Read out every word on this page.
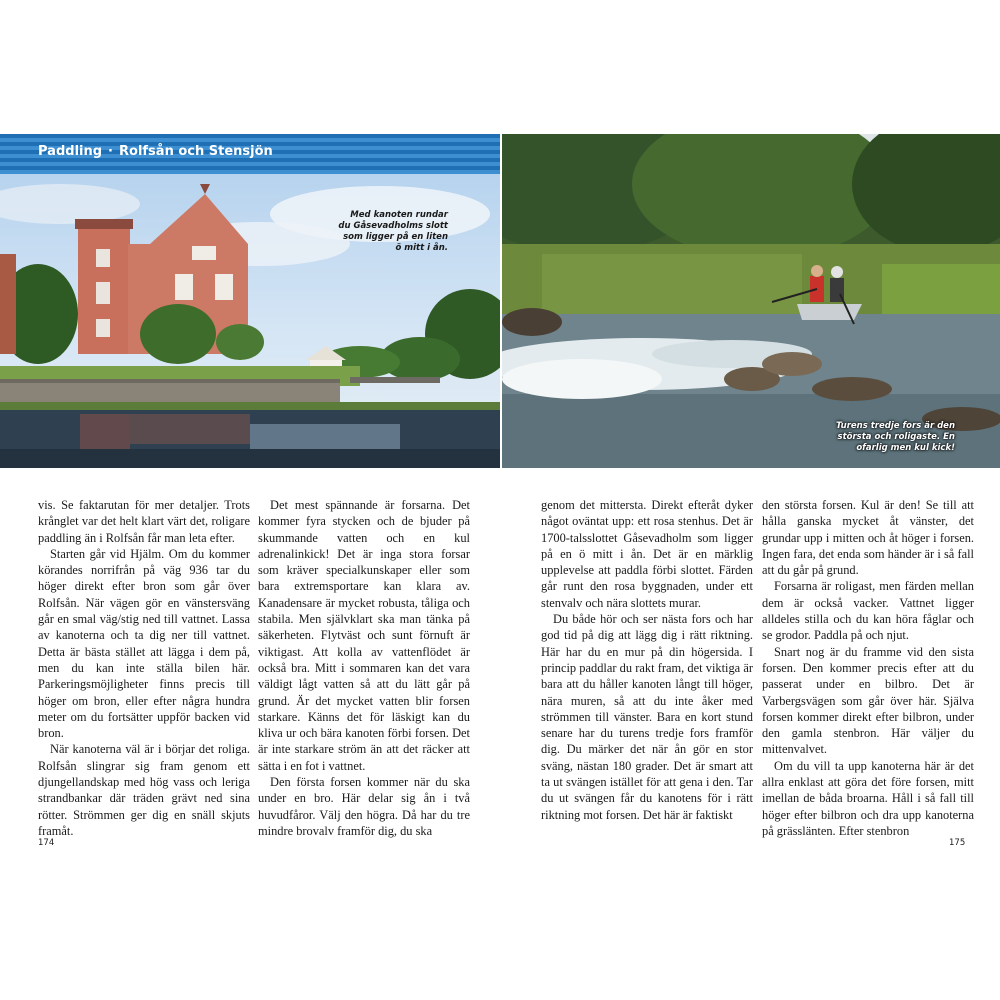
Paddling · Rolfsån och Stensjön
Med kanoten rundar du Gåsevadholms slott som ligger på en liten ö mitt i ån.
Turens tredje fors är den största och roligaste. En ofarlig men kul kick!

vis. Se faktarutan för mer detaljer. Trots krånglet var det helt klart värt det, roligare paddling än i Rolfsån får man leta efter.

Starten går vid Hjälm. Om du kommer körandes norrifrån på väg 936 tar du höger direkt efter bron som går över Rolfsån. När vägen gör en vänstersväng går en smal väg/stig ned till vattnet. Lassa av kanoterna och ta dig ner till vattnet. Detta är bästa stället att lägga i dem på, men du kan inte ställa bilen här. Parkeringsmöjligheter finns precis till höger om bron, eller efter några hundra meter om du fortsätter uppför backen vid bron.

När kanoterna väl är i börjar det roliga. Rolfsån slingrar sig fram genom ett djungellandskap med hög vass och leriga strandbankar där träden grävt ned sina rötter. Strömmen ger dig en snäll skjuts framåt.

Det mest spännande är forsarna. Det kommer fyra stycken och de bjuder på skummande vatten och en kul adrenalinkick! Det är inga stora forsar som kräver specialkunskaper eller som bara extremsportare kan klara av. Kanadensare är mycket robusta, tåliga och stabila. Men självklart ska man tänka på säkerheten. Flytväst och sunt förnuft är viktigast. Att kolla av vattenflödet är också bra. Mitt i sommaren kan det vara väldigt lågt vatten så att du lätt går på grund. Är det mycket vatten blir forsen starkare. Känns det för läskigt kan du kliva ur och bära kanoten förbi forsen. Det är inte starkare ström än att det räcker att sätta i en fot i vattnet.

Den första forsen kommer när du ska under en bro. Här delar sig ån i två huvudfåror. Välj den högra. Då har du tre mindre brovalv framför dig, du ska

genom det mittersta. Direkt efteråt dyker något oväntat upp: ett rosa stenhus. Det är 1700-talsslottet Gåsevadholm som ligger på en ö mitt i ån. Det är en märklig upplevelse att paddla förbi slottet. Färden går runt den rosa byggnaden, under ett stenvalv och nära slottets murar.

Du både hör och ser nästa fors och har god tid på dig att lägg dig i rätt riktning. Här har du en mur på din högersida. I princip paddlar du rakt fram, det viktiga är bara att du håller kanoten långt till höger, nära muren, så att du inte åker med strömmen till vänster. Bara en kort stund senare har du turens tredje fors framför dig. Du märker det när ån gör en stor sväng, nästan 180 grader. Det är smart att ta ut svängen istället för att gena i den. Tar du ut svängen får du kanotens för i rätt riktning mot forsen. Det här är faktiskt

den största forsen. Kul är den! Se till att hålla ganska mycket åt vänster, det grundar upp i mitten och åt höger i forsen. Ingen fara, det enda som händer är i så fall att du går på grund.

Forsarna är roligast, men färden mellan dem är också vacker. Vattnet ligger alldeles stilla och du kan höra fåglar och se grodor. Paddla på och njut.

Snart nog är du framme vid den sista forsen. Den kommer precis efter att du passerat under en bilbro. Det är Varbergsvägen som går över här. Själva forsen kommer direkt efter bilbron, under den gamla stenbron. Här väljer du mittenvalvet.

Om du vill ta upp kanoterna här är det allra enklast att göra det före forsen, mitt imellan de båda broarna. Håll i så fall till höger efter bilbron och dra upp kanoterna på grässlänten. Efter stenbron

174	175
